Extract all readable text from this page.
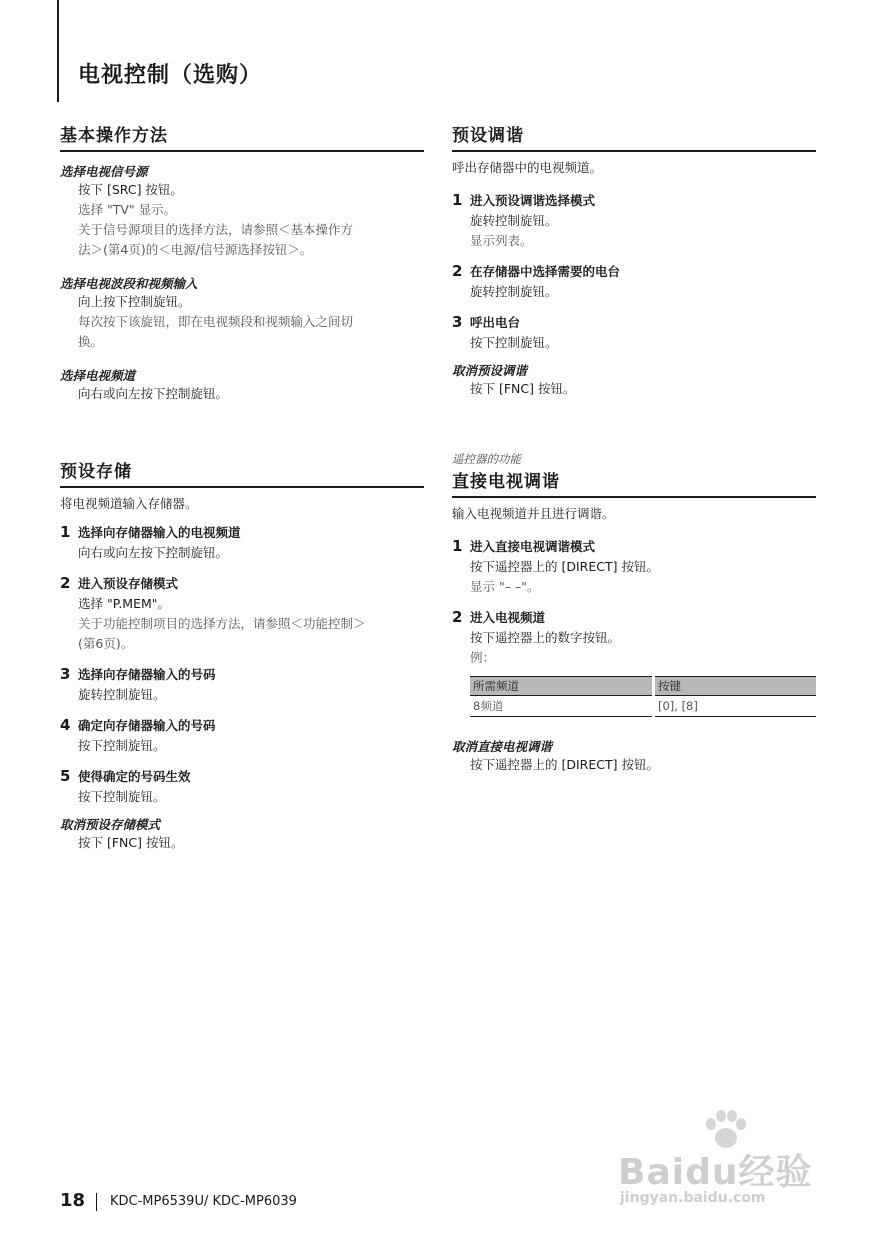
电视控制（选购）
基本操作方法
选择电视信号源
按下 [SRC] 按钮。
选择 "TV" 显示。
关于信号源项目的选择方法，请参照＜基本操作方
法＞(第4页)的＜电源/信号源选择按钮＞。
选择电视波段和视频输入
向上按下控制旋钮。
每次按下该旋钮，即在电视频段和视频输入之间切
换。
选择电视频道
向右或向左按下控制旋钮。
预设存储
将电视频道输入存储器。
1 选择向存储器输入的电视频道
向右或向左按下控制旋钮。
2 进入预设存储模式
选择 "P.MEM"。
关于功能控制项目的选择方法，请参照＜功能控制＞
(第6页)。
3 选择向存储器输入的号码
旋转控制旋钮。
4 确定向存储器输入的号码
按下控制旋钮。
5 使得确定的号码生效
按下控制旋钮。
取消预设存储模式
按下 [FNC] 按钮。
预设调谐
呼出存储器中的电视频道。
1 进入预设调谐选择模式
旋转控制旋钮。
显示列表。
2 在存储器中选择需要的电台
旋转控制旋钮。
3 呼出电台
按下控制旋钮。
取消预设调谐
按下 [FNC] 按钮。
遥控器的功能
直接电视调谐
输入电视频道并且进行调谐。
1 进入直接电视调谐模式
按下遥控器上的 [DIRECT] 按钮。
显示 "– –"。
2 进入电视频道
按下遥控器上的数字按钮。
例：
所需频道	按键
8频道	[0], [8]
取消直接电视调谐
按下遥控器上的 [DIRECT] 按钮。
18 KDC-MP6539U/ KDC-MP6039
Baidu经验
jingyan.baidu.com
